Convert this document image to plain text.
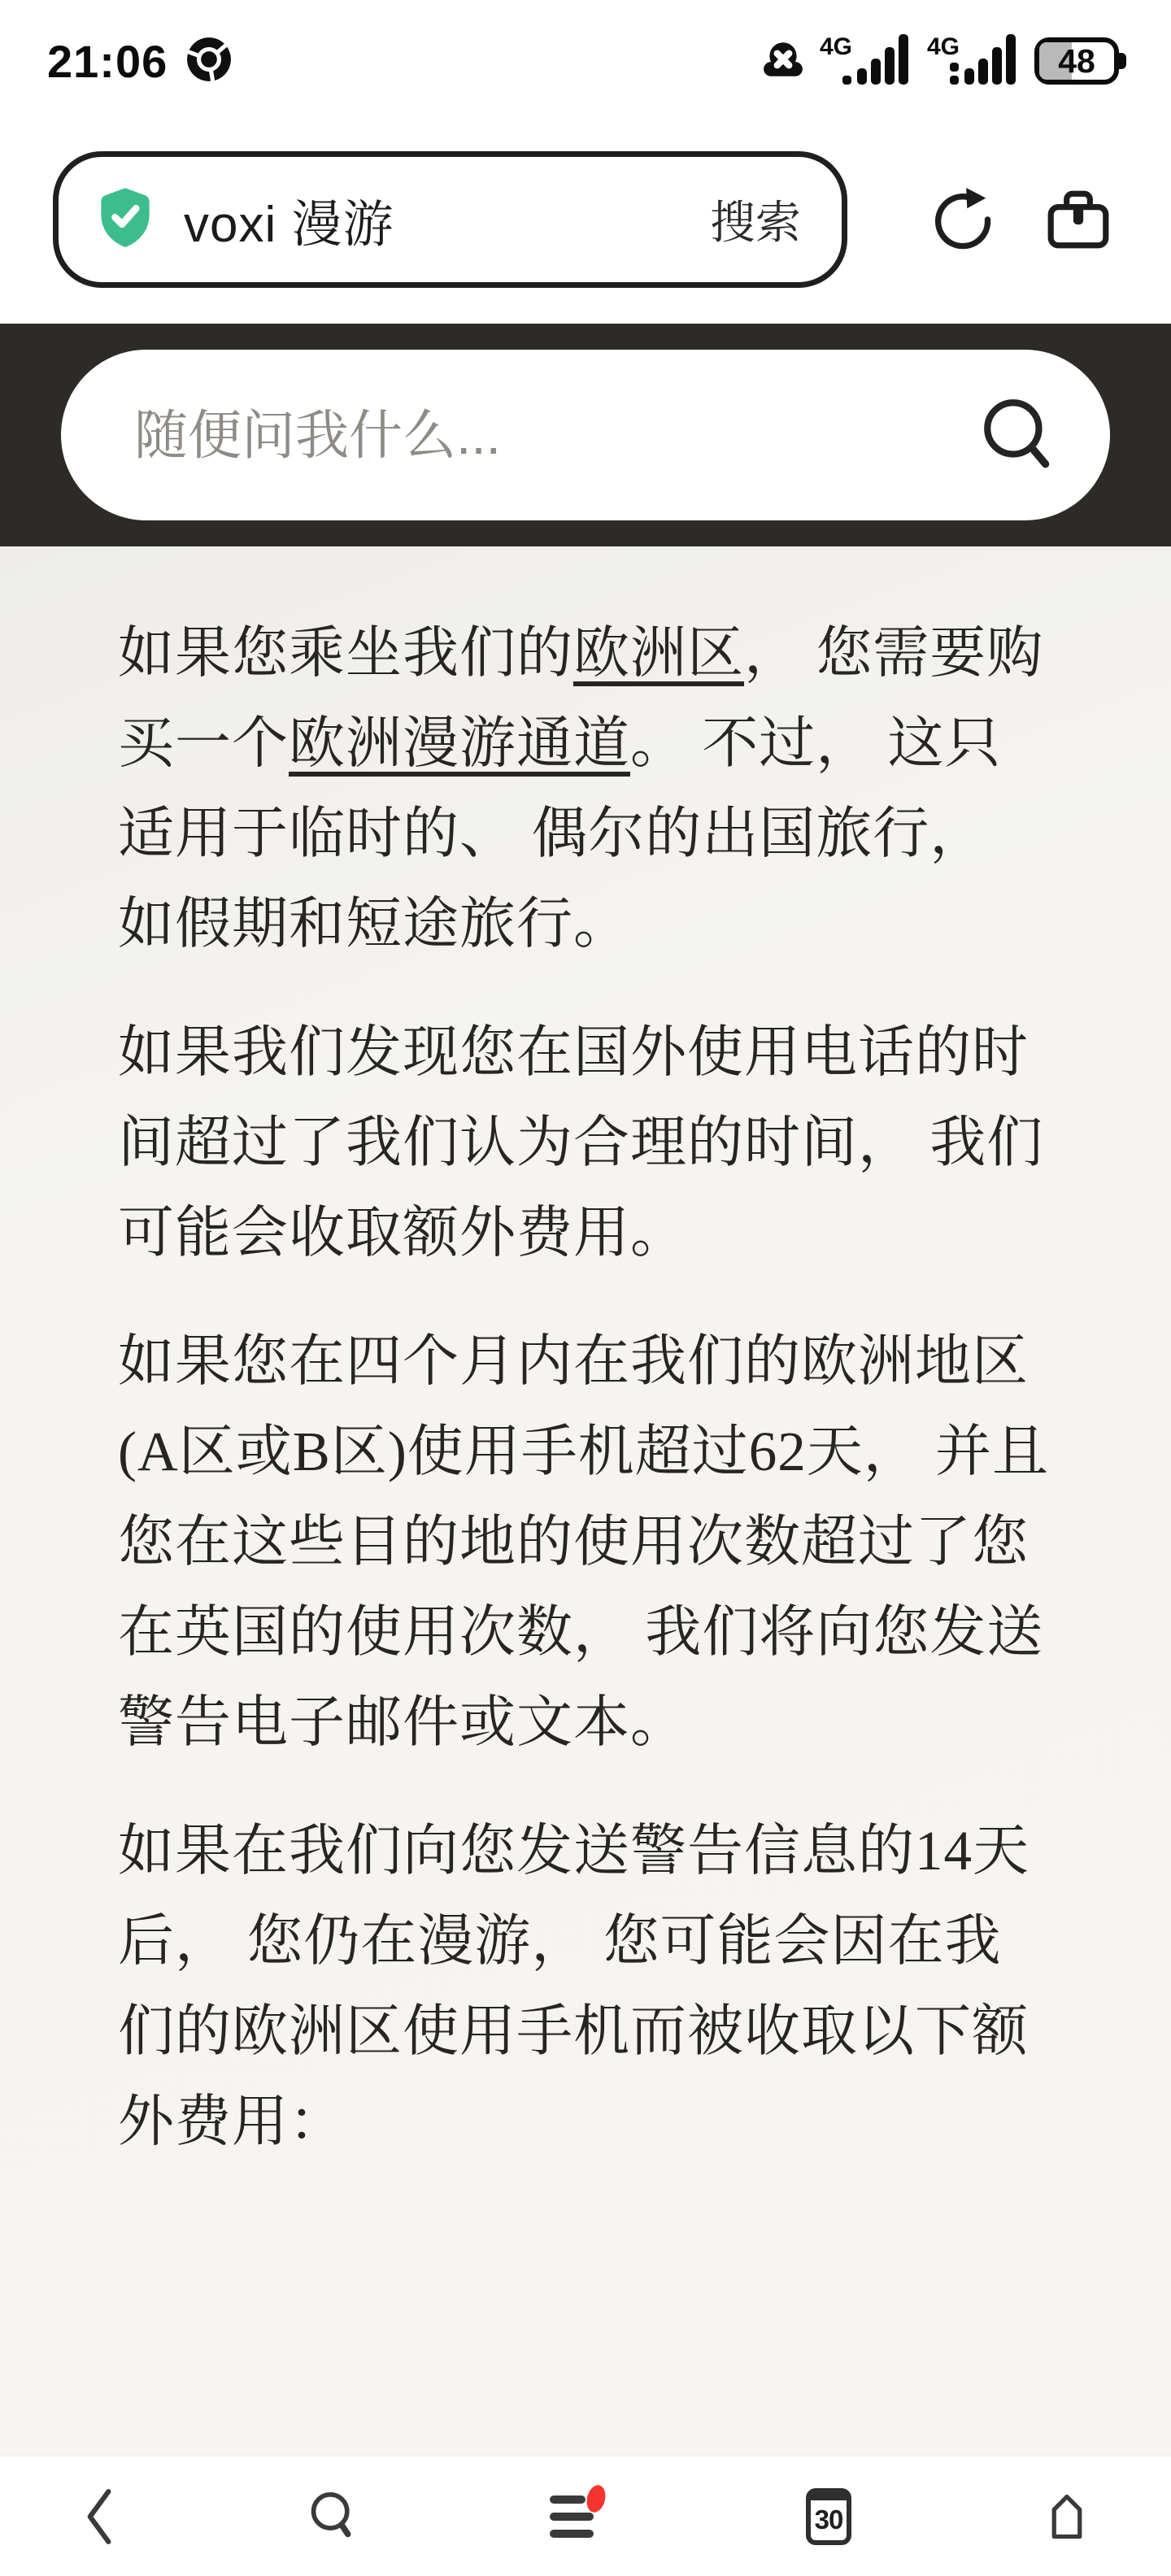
21:06	4G	4G	48
voxi 漫游	搜索
随便问我什么...

如果您乘坐我们的欧洲区， 您需要购买一个欧洲漫游通道。 不过， 这只适用于临时的、 偶尔的出国旅行， 如假期和短途旅行。

如果我们发现您在国外使用电话的时间超过了我们认为合理的时间， 我们可能会收取额外费用。

如果您在四个月内在我们的欧洲地区(A区或B区)使用手机超过62天， 并且您在这些目的地的使用次数超过了您在英国的使用次数， 我们将向您发送警告电子邮件或文本。

如果在我们向您发送警告信息的14天后， 您仍在漫游， 您可能会因在我们的欧洲区使用手机而被收取以下额外费用：

30
